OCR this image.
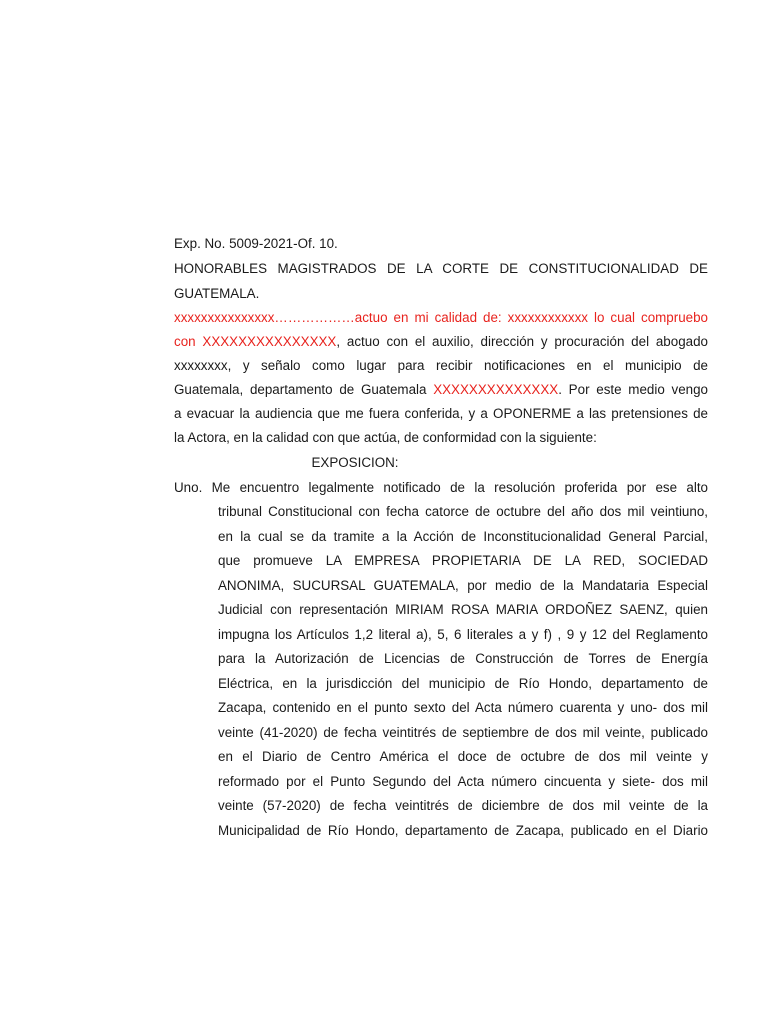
Exp. No. 5009-2021-Of. 10.
HONORABLES MAGISTRADOS DE LA CORTE DE CONSTITUCIONALIDAD DE
GUATEMALA.
xxxxxxxxxxxxxxx………………actuo en mi calidad de: xxxxxxxxxxxx lo cual compruebo
con XXXXXXXXXXXXXXX, actuo con el auxilio, dirección y procuración del abogado
xxxxxxxx, y señalo como lugar para recibir notificaciones en el municipio de
Guatemala, departamento de Guatemala XXXXXXXXXXXXXX. Por este medio vengo
a evacuar la audiencia que me fuera conferida, y a OPONERME a las pretensiones de
la Actora, en la calidad con que actúa, de conformidad con la siguiente:
EXPOSICION:
Uno. Me encuentro legalmente notificado de la resolución proferida por ese alto
tribunal Constitucional con fecha catorce de octubre del año dos mil veintiuno,
en la cual se da tramite a la Acción de Inconstitucionalidad General Parcial,
que promueve LA EMPRESA PROPIETARIA DE LA RED, SOCIEDAD
ANONIMA, SUCURSAL GUATEMALA, por medio de la Mandataria Especial
Judicial con representación MIRIAM ROSA MARIA ORDOÑEZ SAENZ, quien
impugna los Artículos 1,2 literal a), 5, 6 literales a y f) , 9 y 12 del Reglamento
para la Autorización de Licencias de Construcción de Torres de Energía
Eléctrica, en la jurisdicción del municipio de Río Hondo, departamento de
Zacapa, contenido en el punto sexto del Acta número cuarenta y uno- dos mil
veinte (41-2020) de fecha veintitrés de septiembre de dos mil veinte, publicado
en el Diario de Centro América el doce de octubre de dos mil veinte y
reformado por el Punto Segundo del Acta número cincuenta y siete- dos mil
veinte (57-2020) de fecha veintitrés de diciembre de dos mil veinte de la
Municipalidad de Río Hondo, departamento de Zacapa, publicado en el Diario
